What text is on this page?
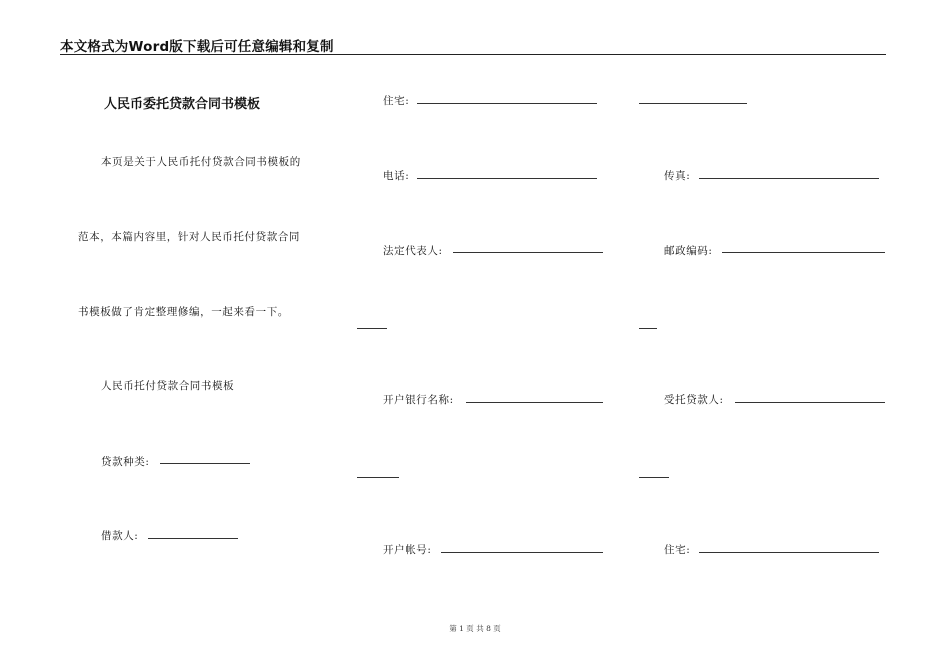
本文格式为Word版下载后可任意编辑和复制
人民币委托贷款合同书模板
本页是关于人民币托付贷款合同书模板的
范本，本篇内容里，针对人民币托付贷款合同
书模板做了肯定整理修编，一起来看一下。
人民币托付贷款合同书模板
贷款种类:
借款人:
住宅:
电话:
法定代表人:
开户银行名称:
开户帐号:
传真:
邮政编码:
受托贷款人:
住宅:
第 1 页 共 8 页
